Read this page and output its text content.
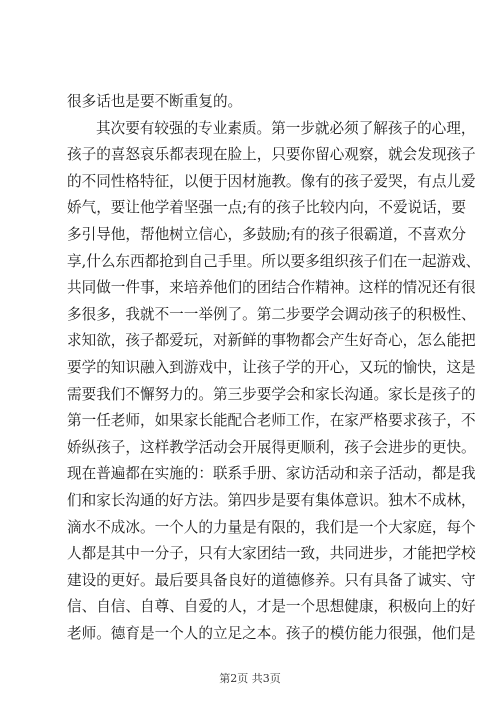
很多话也是要不断重复的。
其次要有较强的专业素质。第一步就必须了解孩子的心理，
孩子的喜怒哀乐都表现在脸上，只要你留心观察，就会发现孩子
的不同性格特征，以便于因材施教。像有的孩子爱哭，有点儿爱
娇气，要让他学着坚强一点;有的孩子比较内向，不爱说话，要
多引导他，帮他树立信心，多鼓励;有的孩子很霸道，不喜欢分
享,什么东西都抢到自己手里。所以要多组织孩子们在一起游戏、
共同做一件事，来培养他们的团结合作精神。这样的情况还有很
多很多，我就不一一举例了。第二步要学会调动孩子的积极性、
求知欲，孩子都爱玩，对新鲜的事物都会产生好奇心，怎么能把
要学的知识融入到游戏中，让孩子学的开心，又玩的愉快，这是
需要我们不懈努力的。第三步要学会和家长沟通。家长是孩子的
第一任老师，如果家长能配合老师工作，在家严格要求孩子，不
娇纵孩子，这样教学活动会开展得更顺利，孩子会进步的更快。
现在普遍都在实施的：联系手册、家访活动和亲子活动，都是我
们和家长沟通的好方法。第四步是要有集体意识。独木不成林，
滴水不成冰。一个人的力量是有限的，我们是一个大家庭，每个
人都是其中一分子，只有大家团结一致，共同进步，才能把学校
建设的更好。最后要具备良好的道德修养。只有具备了诚实、守
信、自信、自尊、自爱的人，才是一个思想健康，积极向上的好
老师。德育是一个人的立足之本。孩子的模仿能力很强，他们是
第2页 共3页
